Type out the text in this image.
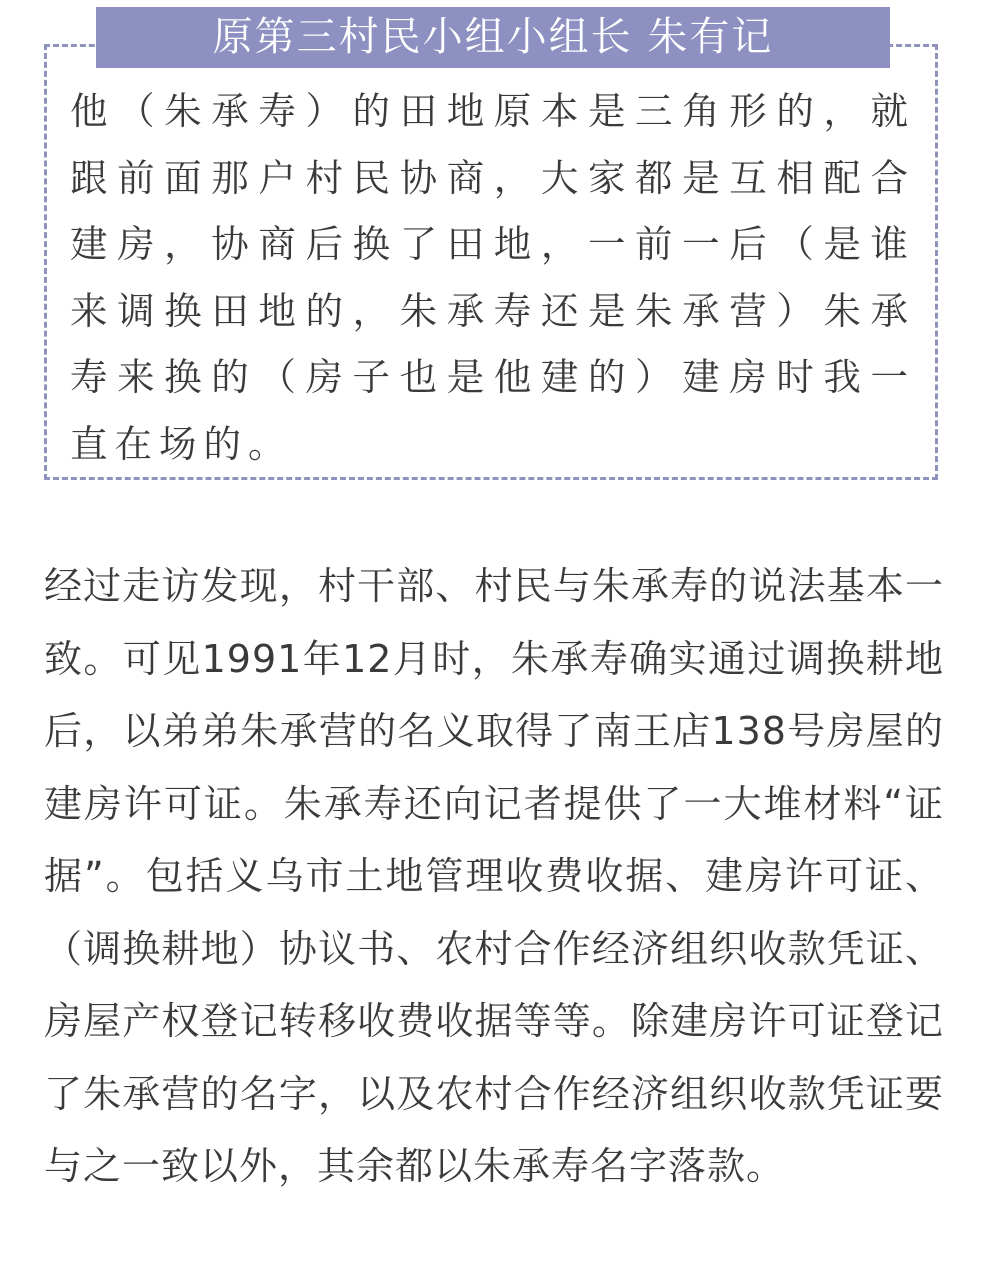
原第三村民小组小组长 朱有记

他（朱承寿）的田地原本是三角形的，就跟前面那户村民协商，大家都是互相配合建房，协商后换了田地，一前一后（是谁来调换田地的，朱承寿还是朱承营）朱承寿来换的（房子也是他建的）建房时我一直在场的。

经过走访发现，村干部、村民与朱承寿的说法基本一致。可见1991年12月时，朱承寿确实通过调换耕地后，以弟弟朱承营的名义取得了南王店138号房屋的建房许可证。朱承寿还向记者提供了一大堆材料“证据”。包括义乌市土地管理收费收据、建房许可证、（调换耕地）协议书、农村合作经济组织收款凭证、房屋产权登记转移收费收据等等。除建房许可证登记了朱承营的名字，以及农村合作经济组织收款凭证要与之一致以外，其余都以朱承寿名字落款。
